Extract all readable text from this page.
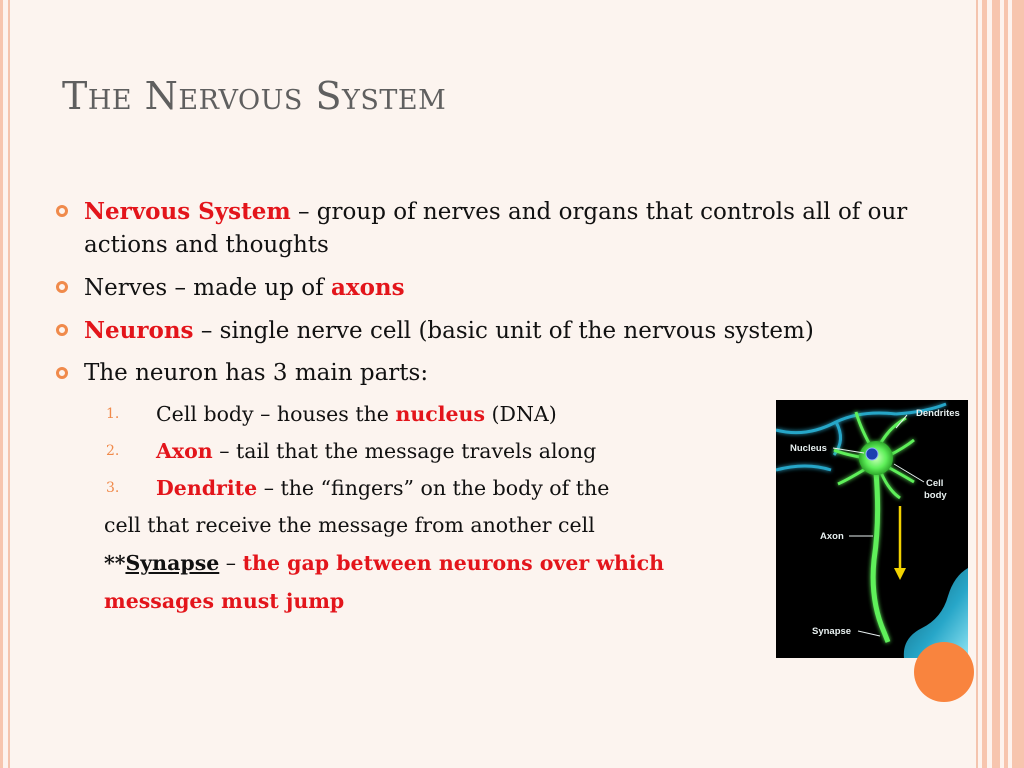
The Nervous System
Nervous System – group of nerves and organs that controls all of our actions and thoughts
Nerves – made up of axons
Neurons – single nerve cell (basic unit of the nervous system)
The neuron has 3 main parts:
1. Cell body – houses the nucleus (DNA)
2. Axon – tail that the message travels along
3. Dendrite – the “fingers” on the body of the
cell that receive the message from another cell
**Synapse – the gap between neurons over which
messages must jump
Dendrites
Nucleus
Cell
body
Axon
Synapse
